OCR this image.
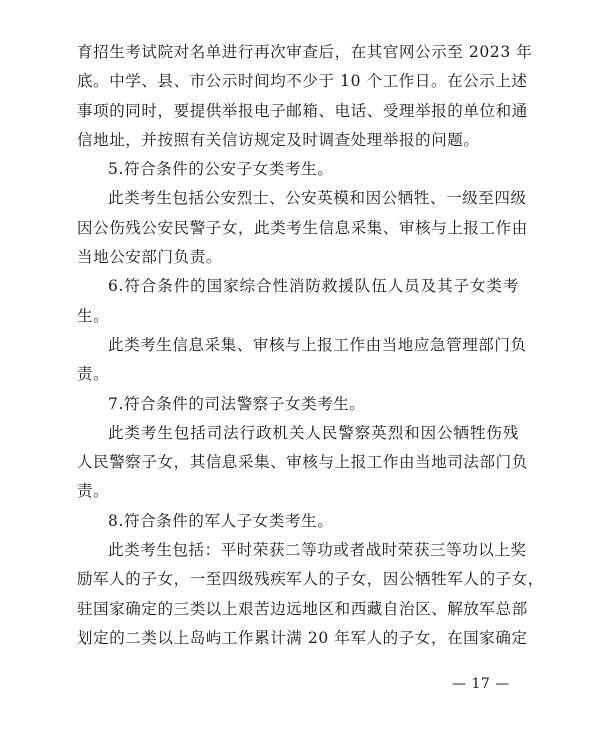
育招生考试院对名单进行再次审查后，在其官网公示至 2023 年
底。中学、县、市公示时间均不少于 10 个工作日。在公示上述
事项的同时，要提供举报电子邮箱、电话、受理举报的单位和通
信地址，并按照有关信访规定及时调查处理举报的问题。
5.符合条件的公安子女类考生。
此类考生包括公安烈士、公安英模和因公牺牲、一级至四级
因公伤残公安民警子女，此类考生信息采集、审核与上报工作由
当地公安部门负责。
6.符合条件的国家综合性消防救援队伍人员及其子女类考
生。
此类考生信息采集、审核与上报工作由当地应急管理部门负
责。
7.符合条件的司法警察子女类考生。
此类考生包括司法行政机关人民警察英烈和因公牺牲伤残
人民警察子女，其信息采集、审核与上报工作由当地司法部门负
责。
8.符合条件的军人子女类考生。
此类考生包括：平时荣获二等功或者战时荣获三等功以上奖
励军人的子女，一至四级残疾军人的子女，因公牺牲军人的子女，
驻国家确定的三类以上艰苦边远地区和西藏自治区、解放军总部
划定的二类以上岛屿工作累计满 20 年军人的子女，在国家确定
— 17 —
